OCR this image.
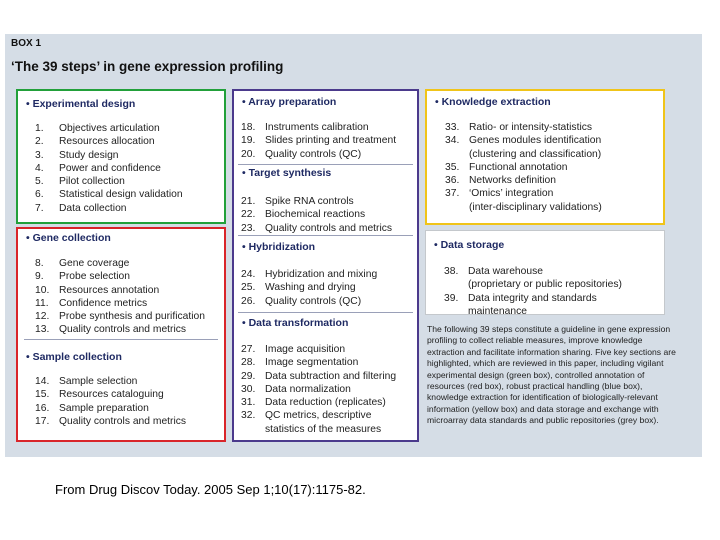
BOX 1
‘The 39 steps’ in gene expression profiling
• Experimental design
1.	Objectives articulation
2.	Resources allocation
3.	Study design
4.	Power and confidence
5.	Pilot collection
6.	Statistical design validation
7.	Data collection
• Gene collection
8.	Gene coverage
9.	Probe selection
10. Resources annotation
11.	Confidence metrics
12. Probe synthesis and purification
13. Quality controls and metrics
• Sample collection
14. Sample selection
15. Resources cataloguing
16. Sample preparation
17. Quality controls and metrics
• Array preparation
18. Instruments calibration
19. Slides printing and treatment
20. Quality controls (QC)
• Target synthesis
21. Spike RNA controls
22. Biochemical reactions
23. Quality controls and metrics
• Hybridization
24. Hybridization and mixing
25. Washing and drying
26. Quality controls (QC)
• Data transformation
27. Image acquisition
28. Image segmentation
29. Data subtraction and filtering
30. Data normalization
31. Data reduction (replicates)
32. QC metrics, descriptive
statistics of the measures
• Knowledge extraction
33. Ratio- or intensity-statistics
34. Genes modules identification
(clustering and classification)
35. Functional annotation
36. Networks definition
37. ‘Omics’ integration
(inter-disciplinary validations)
• Data storage
38. Data warehouse
(proprietary or public repositories)
39. Data integrity and standards
maintenance

The following 39 steps constitute a guideline in gene expression profiling to collect reliable measures, improve knowledge extraction and facilitate information sharing. Five key sections are highlighted, which are reviewed in this paper, including vigilant experimental design (green box), controlled annotation of resources (red box), robust practical handling (blue box), knowledge extraction for identification of biologically-relevant information (yellow box) and data storage and exchange with microarray data standards and public repositories (grey box).

From Drug Discov Today. 2005 Sep 1;10(17):1175-82.
